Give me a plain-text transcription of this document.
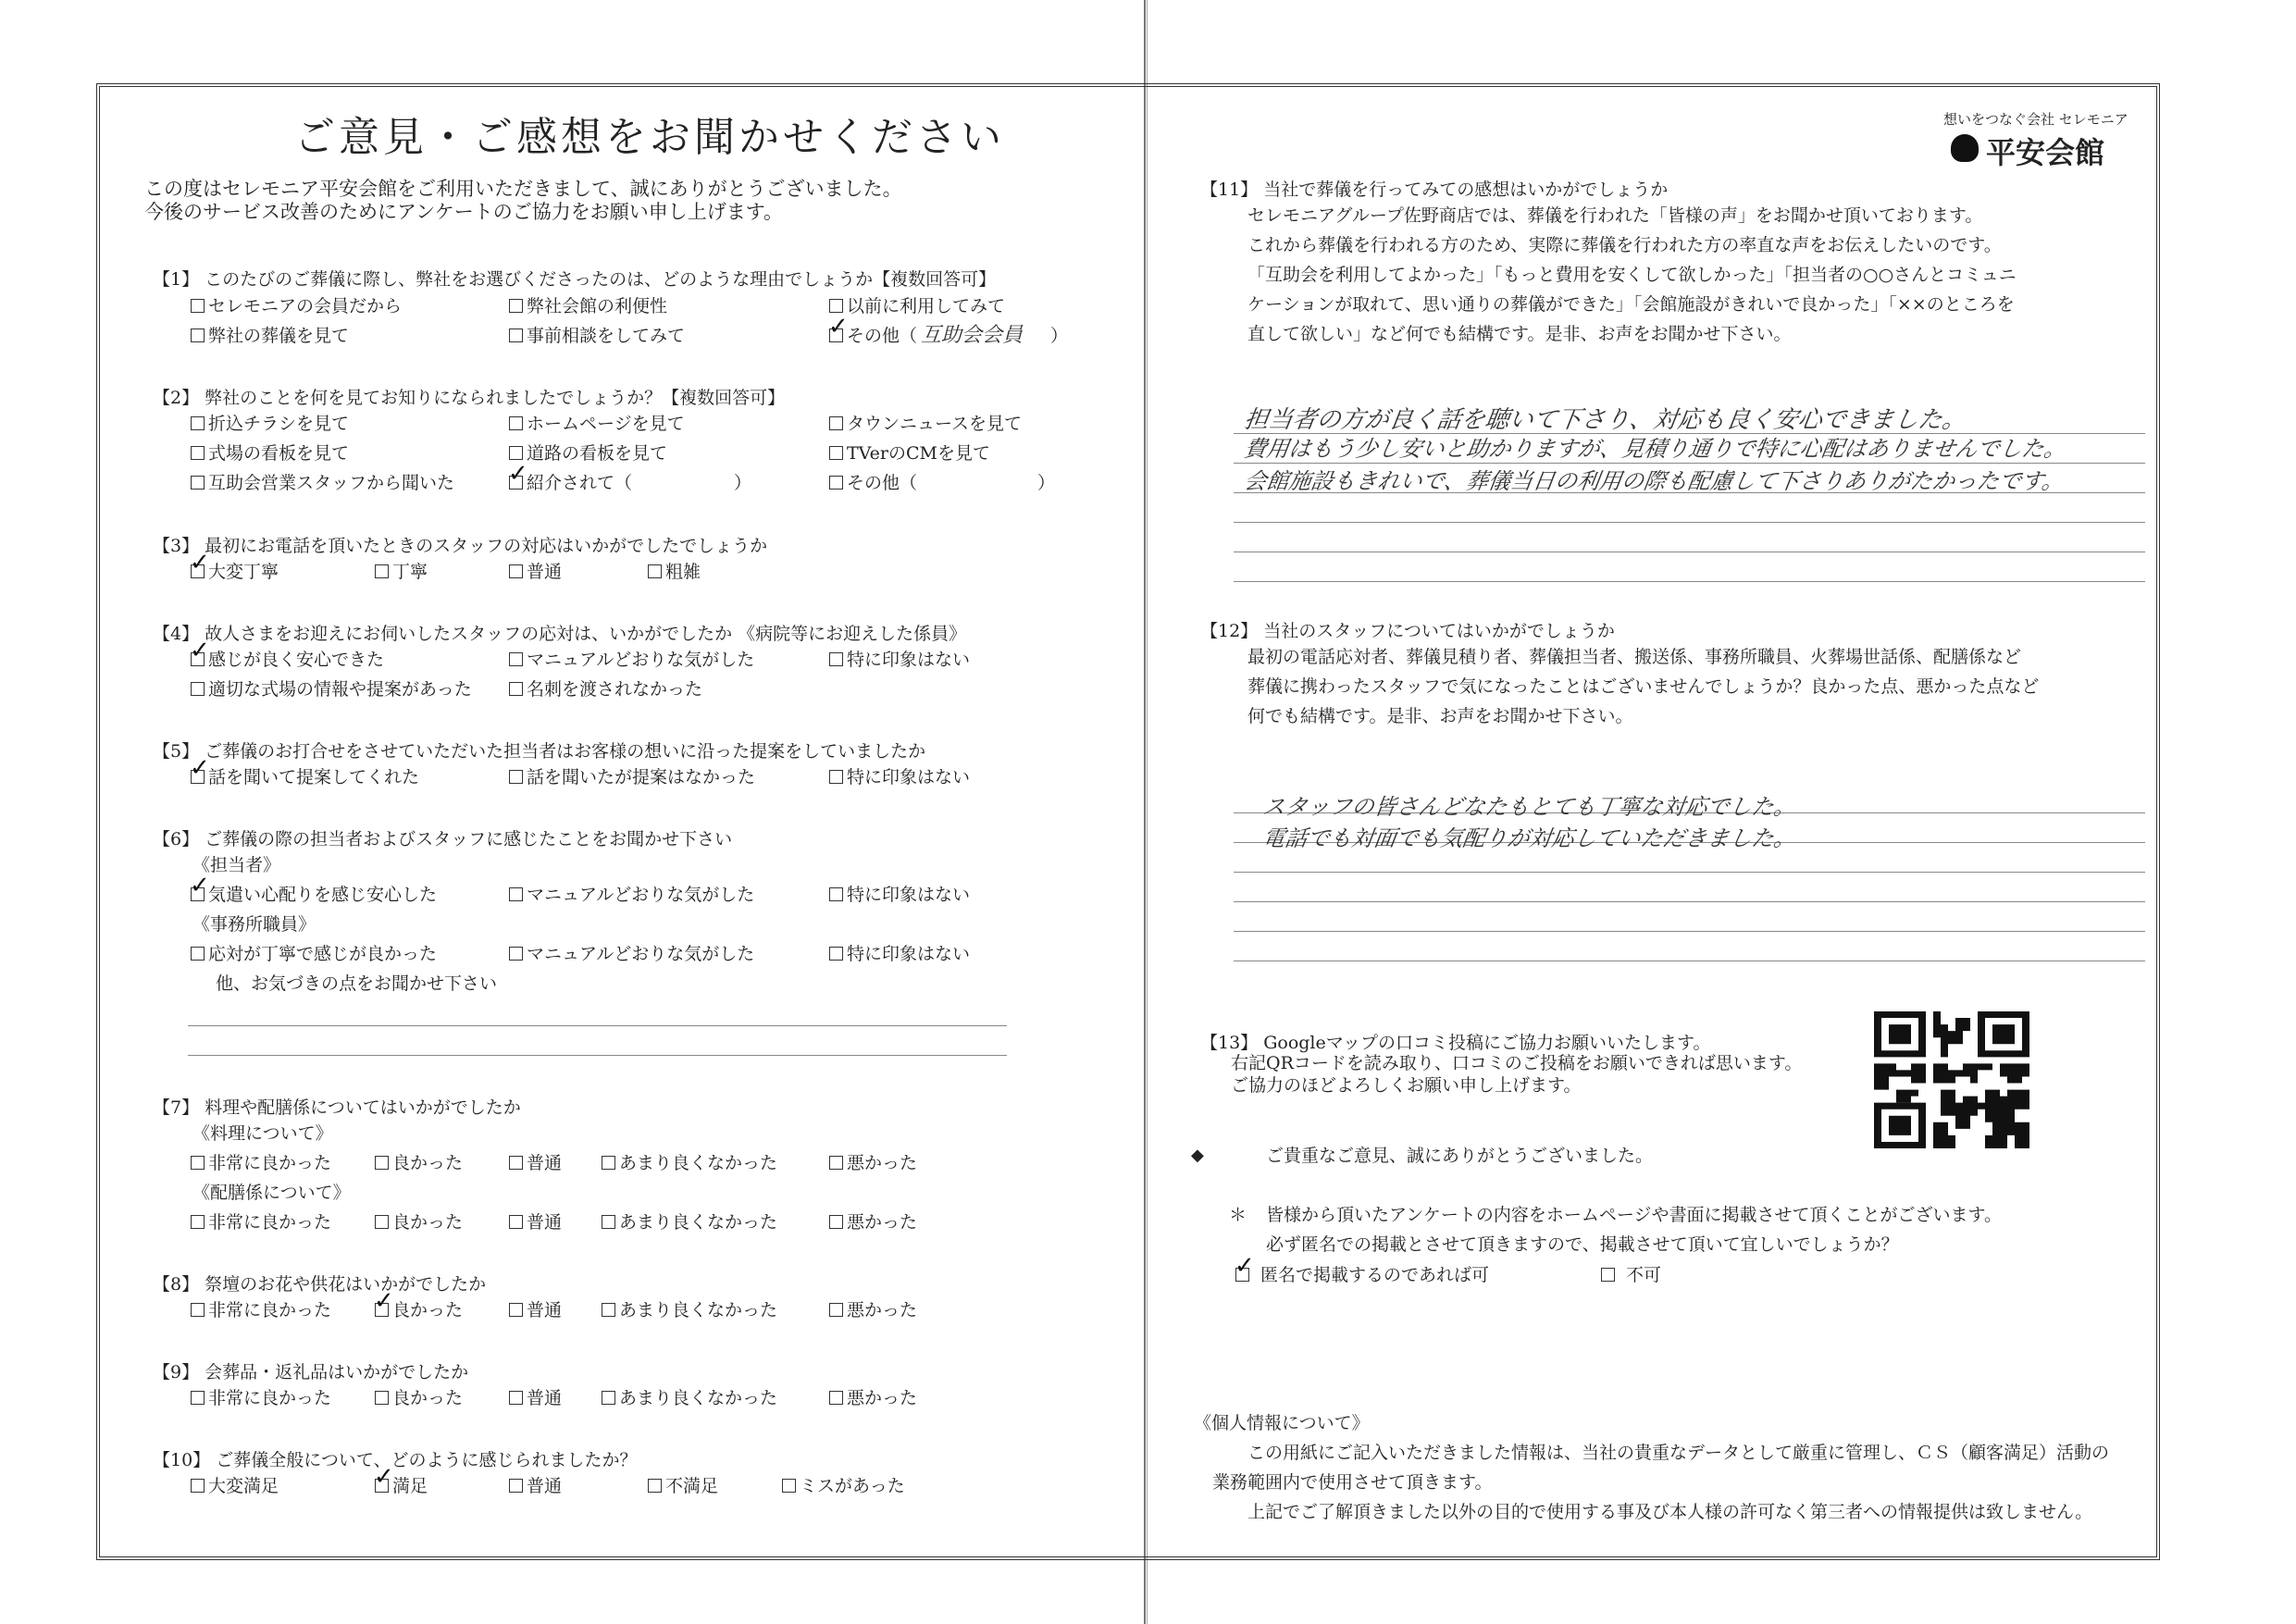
ご意見・ご感想をお聞かせください
この度はセレモニア平安会館をご利用いただきまして、誠にありがとうございました。
今後のサービス改善のためにアンケートのご協力をお願い申し上げます。
【1】 このたびのご葬儀に際し、弊社をお選びくださったのは、どのような理由でしょうか【複数回答可】
セレモニアの会員だから	弊社会館の利便性	以前に利用してみて
弊社の葬儀を見て	事前相談をしてみて ✓	その他（ 互助会会員 ）
【2】 弊社のことを何を見てお知りになられましたでしょうか？【複数回答可】
折込チラシを見て	ホームページを見て	タウンニュースを見て
式場の看板を見て	道路の看板を見て	TVerのCMを見て
互助会営業スタッフから聞いた ✓	紹介されて（	）	その他（	）
【3】 最初にお電話を頂いたときのスタッフの対応はいかがでしたでしょうか
✓大変丁寧	丁寧	普通	粗雑
【4】 故人さまをお迎えにお伺いしたスタッフの応対は、いかがでしたか 《病院等にお迎えした係員》
✓感じが良く安心できた	マニュアルどおりな気がした	特に印象はない
適切な式場の情報や提案があった	名刺を渡されなかった
【5】 ご葬儀のお打合せをさせていただいた担当者はお客様の想いに沿った提案をしていましたか
✓話を聞いて提案してくれた	話を聞いたが提案はなかった	特に印象はない
【6】 ご葬儀の際の担当者およびスタッフに感じたことをお聞かせ下さい
《担当者》
✓気遣い心配りを感じ安心した	マニュアルどおりな気がした	特に印象はない
《事務所職員》
応対が丁寧で感じが良かった	マニュアルどおりな気がした	特に印象はない
他、お気づきの点をお聞かせ下さい
【7】 料理や配膳係についてはいかがでしたか
《料理について》
非常に良かった	良かった	普通	あまり良くなかった	悪かった
《配膳係について》
非常に良かった	良かった	普通	あまり良くなかった	悪かった
【8】 祭壇のお花や供花はいかがでしたか
非常に良かった ✓	良かった	普通	あまり良くなかった	悪かった
【9】 会葬品・返礼品はいかがでしたか
非常に良かった	良かった	普通	あまり良くなかった	悪かった
【10】 ご葬儀全般について、どのように感じられましたか？
大変満足 ✓	満足	普通	不満足	ミスがあった
想いをつなぐ会社 セレモニア
平安会館
【11】 当社で葬儀を行ってみての感想はいかがでしょうか
セレモニアグループ佐野商店では、葬儀を行われた「皆様の声」をお聞かせ頂いております。
これから葬儀を行われる方のため、実際に葬儀を行われた方の率直な声をお伝えしたいのです。
「互助会を利用してよかった」「もっと費用を安くして欲しかった」「担当者の○○さんとコミュニ
ケーションが取れて、思い通りの葬儀ができた」「会館施設がきれいで良かった」「××のところを
直して欲しい」など何でも結構です。是非、お声をお聞かせ下さい。
担当者の方が良く話を聴いて下さり、対応も良く安心できました。
費用はもう少し安いと助かりますが、見積り通りで特に心配はありませんでした。
会館施設もきれいで、葬儀当日の利用の際も配慮して下さりありがたかったです。
【12】 当社のスタッフについてはいかがでしょうか
最初の電話応対者、葬儀見積り者、葬儀担当者、搬送係、事務所職員、火葬場世話係、配膳係など
葬儀に携わったスタッフで気になったことはございませんでしょうか？良かった点、悪かった点など
何でも結構です。是非、お声をお聞かせ下さい。
スタッフの皆さんどなたもとても丁寧な対応でした。
電話でも対面でも気配りが対応していただきました。
【13】 Googleマップの口コミ投稿にご協力お願いいたします。
右記QRコードを読み取り、口コミのご投稿をお願いできれば思います。
ご協力のほどよろしくお願い申し上げます。
◆	ご貴重なご意見、誠にありがとうございました。
＊ 皆様から頂いたアンケートの内容をホームページや書面に掲載させて頂くことがございます。
必ず匿名での掲載とさせて頂きますので、掲載させて頂いて宜しいでしょうか？
✓匿名で掲載するのであれば可	不可
《個人情報について》
この用紙にご記入いただきました情報は、当社の貴重なデータとして厳重に管理し、ＣＳ（顧客満足）活動の
業務範囲内で使用させて頂きます。
上記でご了解頂きました以外の目的で使用する事及び本人様の許可なく第三者への情報提供は致しません。
